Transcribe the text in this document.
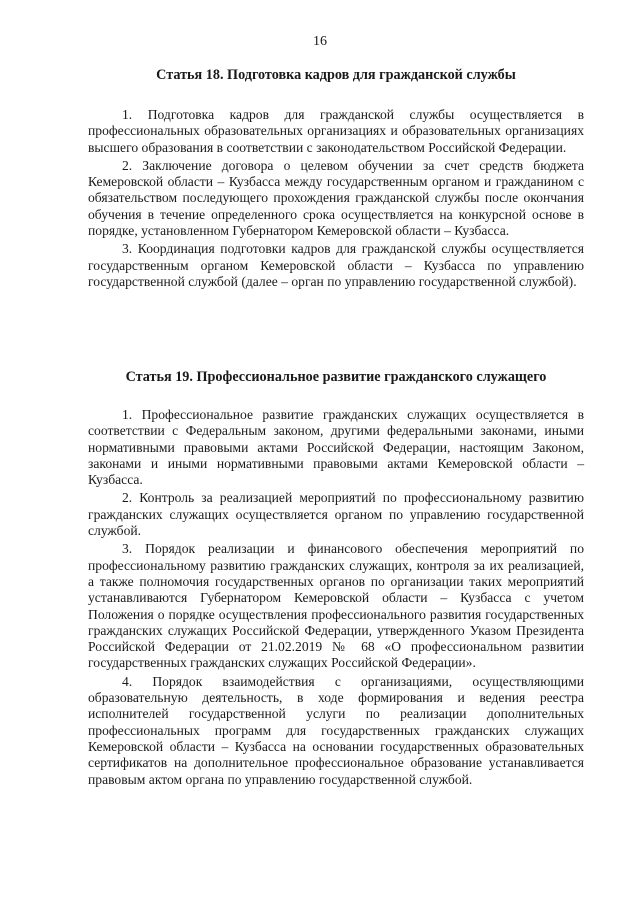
16
Статья 18. Подготовка кадров для гражданской службы

1. Подготовка кадров для гражданской службы осуществляется в профессиональных образовательных организациях и образовательных организациях высшего образования в соответствии с законодательством Российской Федерации.

2. Заключение договора о целевом обучении за счет средств бюджета Кемеровской области – Кузбасса между государственным органом и гражданином с обязательством последующего прохождения гражданской службы после окончания обучения в течение определенного срока осуществляется на конкурсной основе в порядке, установленном Губернатором Кемеровской области – Кузбасса.

3. Координация подготовки кадров для гражданской службы осуществляется государственным органом Кемеровской области – Кузбасса по управлению государственной службой (далее – орган по управлению государственной службой).

Статья 19. Профессиональное развитие гражданского служащего

1. Профессиональное развитие гражданских служащих осуществляется в соответствии с Федеральным законом, другими федеральными законами, иными нормативными правовыми актами Российской Федерации, настоящим Законом, законами и иными нормативными правовыми актами Кемеровской области – Кузбасса.

2. Контроль за реализацией мероприятий по профессиональному развитию гражданских служащих осуществляется органом по управлению государственной службой.

3. Порядок реализации и финансового обеспечения мероприятий по профессиональному развитию гражданских служащих, контроля за их реализацией, а также полномочия государственных органов по организации таких мероприятий устанавливаются Губернатором Кемеровской области – Кузбасса с учетом Положения о порядке осуществления профессионального развития государственных гражданских служащих Российской Федерации, утвержденного Указом Президента Российской Федерации от 21.02.2019 № 68 «О профессиональном развитии государственных гражданских служащих Российской Федерации».

4. Порядок взаимодействия с организациями, осуществляющими образовательную деятельность, в ходе формирования и ведения реестра исполнителей государственной услуги по реализации дополнительных профессиональных программ для государственных гражданских служащих Кемеровской области – Кузбасса на основании государственных образовательных сертификатов на дополнительное профессиональное образование устанавливается правовым актом органа по управлению государственной службой.
